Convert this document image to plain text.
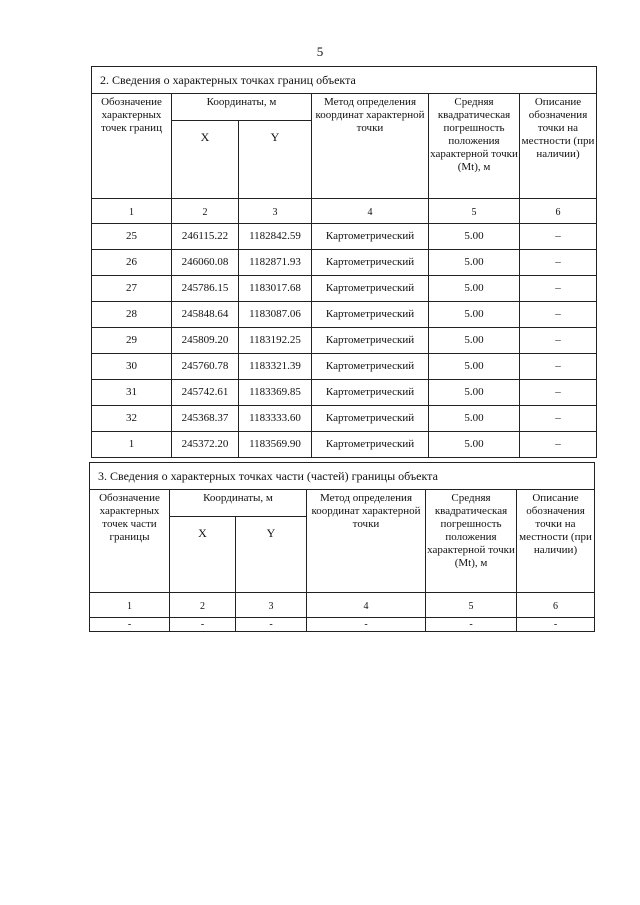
5
2. Сведения о характерных точках границ объекта					
Обозначение характерных точек границ	Координаты, м		Метод определения координат характерной точки	Средняя квадратическая погрешность положения характерной точки (Mt), м	Описание обозначения точки на местности (при наличии)
	X	Y			
1	2	3	4	5	6
25	246115.22	1182842.59	Картометрический	5.00	–
26	246060.08	1182871.93	Картометрический	5.00	–
27	245786.15	1183017.68	Картометрический	5.00	–
28	245848.64	1183087.06	Картометрический	5.00	–
29	245809.20	1183192.25	Картометрический	5.00	–
30	245760.78	1183321.39	Картометрический	5.00	–
31	245742.61	1183369.85	Картометрический	5.00	–
32	245368.37	1183333.60	Картометрический	5.00	–
1	245372.20	1183569.90	Картометрический	5.00	–
3. Сведения о характерных точках части (частей) границы объекта					
Обозначение характерных точек части границы	Координаты, м		Метод определения координат характерной точки	Средняя квадратическая погрешность положения характерной точки (Mt), м	Описание обозначения точки на местности (при наличии)
	X	Y			
1	2	3	4	5	6
-	-	-	-	-	-
